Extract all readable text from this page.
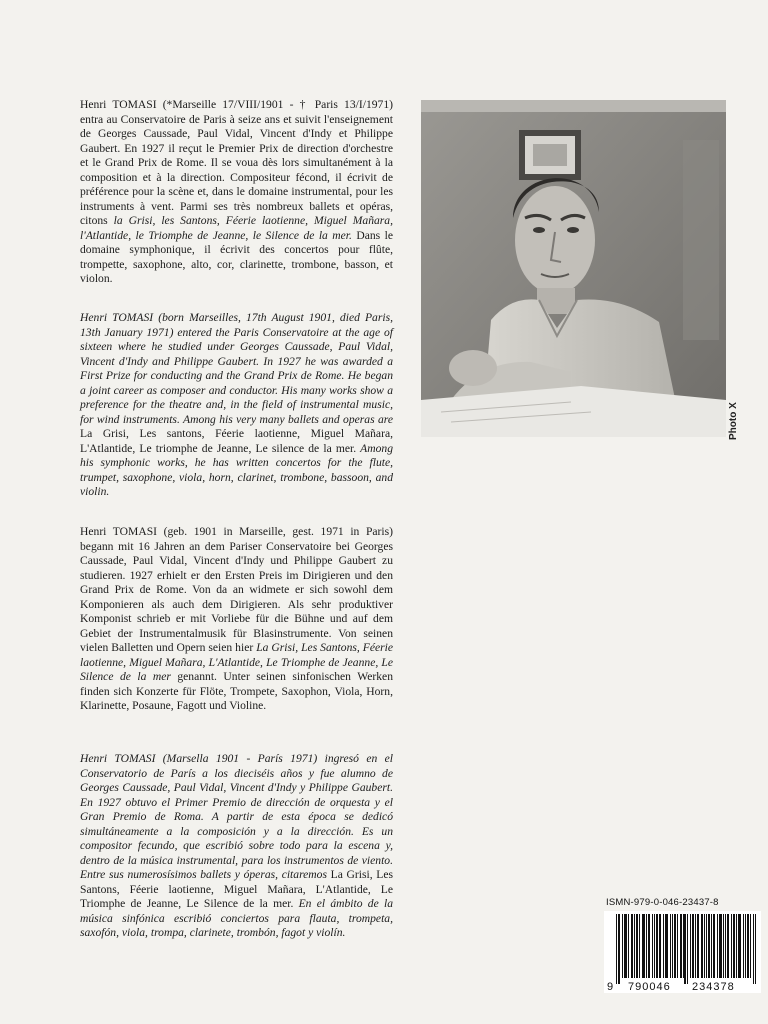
Henri TOMASI (*Marseille 17/VIII/1901 - † Paris 13/I/1971) entra au Conservatoire de Paris à seize ans et suivit l'enseignement de Georges Caussade, Paul Vidal, Vincent d'Indy et Philippe Gaubert. En 1927 il reçut le Premier Prix de direction d'orchestre et le Grand Prix de Rome. Il se voua dès lors simultanément à la composition et à la direction. Compositeur fécond, il écrivit de préférence pour la scène et, dans le domaine instrumental, pour les instruments à vent. Parmi ses très nombreux ballets et opéras, citons la Grisi, les Santons, Féerie laotienne, Miguel Mañara, l'Atlantide, le Triomphe de Jeanne, le Silence de la mer. Dans le domaine symphonique, il écrivit des concertos pour flûte, trompette, saxophone, alto, cor, clarinette, trombone, basson, et violon.

Henri TOMASI (born Marseilles, 17th August 1901, died Paris, 13th January 1971) entered the Paris Conservatoire at the age of sixteen where he studied under Georges Caussade, Paul Vidal, Vincent d'Indy and Philippe Gaubert. In 1927 he was awarded a First Prize for conducting and the Grand Prix de Rome. He began a joint career as composer and conductor. His many works show a preference for the theatre and, in the field of instrumental music, for wind instruments. Among his very many ballets and operas are La Grisi, Les santons, Féerie laotienne, Miguel Mañara, L'Atlantide, Le triomphe de Jeanne, Le silence de la mer. Among his symphonic works, he has written concertos for the flute, trumpet, saxophone, viola, horn, clarinet, trombone, bassoon, and violin.

Henri TOMASI (geb. 1901 in Marseille, gest. 1971 in Paris) begann mit 16 Jahren an dem Pariser Conservatoire bei Georges Caussade, Paul Vidal, Vincent d'Indy und Philippe Gaubert zu studieren. 1927 erhielt er den Ersten Preis im Dirigieren und den Grand Prix de Rome. Von da an widmete er sich sowohl dem Komponieren als auch dem Dirigieren. Als sehr produktiver Komponist schrieb er mit Vorliebe für die Bühne und auf dem Gebiet der Instrumentalmusik für Blasinstrumente. Von seinen vielen Balletten und Opern seien hier La Grisi, Les Santons, Féerie laotienne, Miguel Mañara, L'Atlantide, Le Triomphe de Jeanne, Le Silence de la mer genannt. Unter seinen sinfonischen Werken finden sich Konzerte für Flöte, Trompete, Saxophon, Viola, Horn, Klarinette, Posaune, Fagott und Violine.

Henri TOMASI (Marsella 1901 - París 1971) ingresó en el Conservatorio de París a los dieciséis años y fue alumno de Georges Caussade, Paul Vidal, Vincent d'Indy y Philippe Gaubert. En 1927 obtuvo el Primer Premio de dirección de orquesta y el Gran Premio de Roma. A partir de esta época se dedicó simultáneamente a la composición y a la dirección. Es un compositor fecundo, que escribió sobre todo para la escena y, dentro de la música instrumental, para los instrumentos de viento. Entre sus numerosísimos ballets y óperas, citaremos La Grisi, Les Santons, Féerie laotienne, Miguel Mañara, L'Atlantide, Le Triomphe de Jeanne, Le Silence de la mer. En el ámbito de la música sinfónica escribió conciertos para flauta, trompeta, saxofón, viola, trompa, clarinete, trombón, fagot y violín.

Photo X
ISMN-979-0-046-23437-8
9 790046 234378
